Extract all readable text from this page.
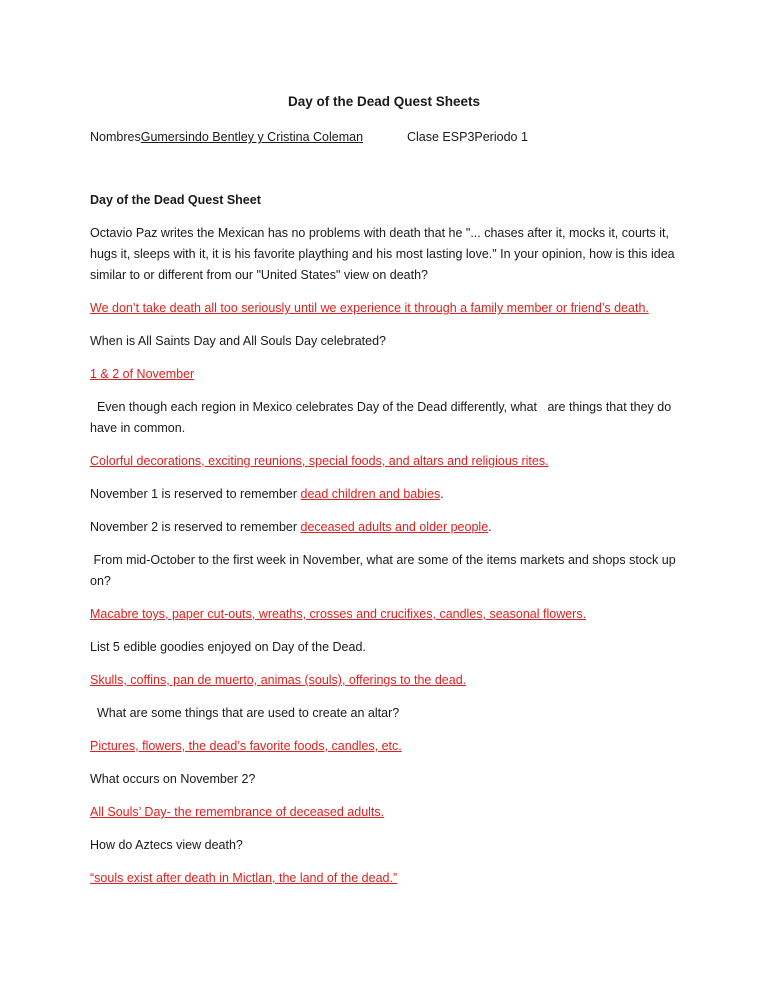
Day of the Dead Quest Sheets
NombresGumersindo Bentley y Cristina Coleman	Clase ESP3Periodo 1

Day of the Dead Quest Sheet

Octavio Paz writes the Mexican has no problems with death that he "... chases after it, mocks it, courts it, hugs it, sleeps with it, it is his favorite plaything and his most lasting love." In your opinion, how is this idea similar to or different from our "United States" view on death?

We don’t take death all too seriously until we experience it through a family member or friend’s death.

When is All Saints Day and All Souls Day celebrated?

1 & 2 of November

Even though each region in Mexico celebrates Day of the Dead differently, what   are things that they do have in common.

Colorful decorations, exciting reunions, special foods, and altars and religious rites.

November 1 is reserved to remember dead children and babies.

November 2 is reserved to remember deceased adults and older people.

From mid-October to the first week in November, what are some of the items markets and shops stock up on?

Macabre toys, paper cut-outs, wreaths, crosses and crucifixes, candles, seasonal flowers.

List 5 edible goodies enjoyed on Day of the Dead.

Skulls, coffins, pan de muerto, animas (souls), offerings to the dead.

What are some things that are used to create an altar?

Pictures, flowers, the dead’s favorite foods, candles, etc.

What occurs on November 2?

All Souls’ Day- the remembrance of deceased adults.

How do Aztecs view death?

“souls exist after death in Mictlan, the land of the dead.”
